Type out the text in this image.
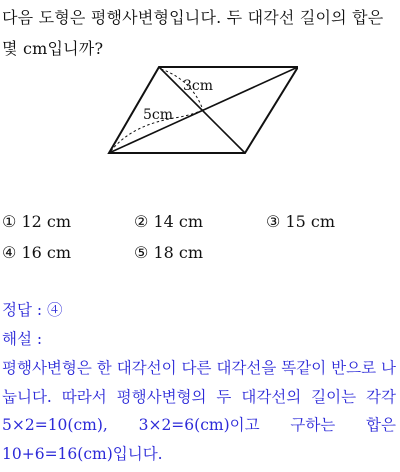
다음 도형은 평행사변형입니다. 두 대각선 길이의 합은 몇 cm입니까?

3cm
5cm
① 12 cm	② 14 cm	③ 15 cm
④ 16 cm	⑤ 18 cm
정답 : ④
해설 :

평행사변형은 한 대각선이 다른 대각선을 똑같이 반으로 나눕니다. 따라서 평행사변형의 두 대각선의 길이는 각각 5×2=10(cm), 3×2=6(cm)이고 구하는 합은 10+6=16(cm)입니다.
